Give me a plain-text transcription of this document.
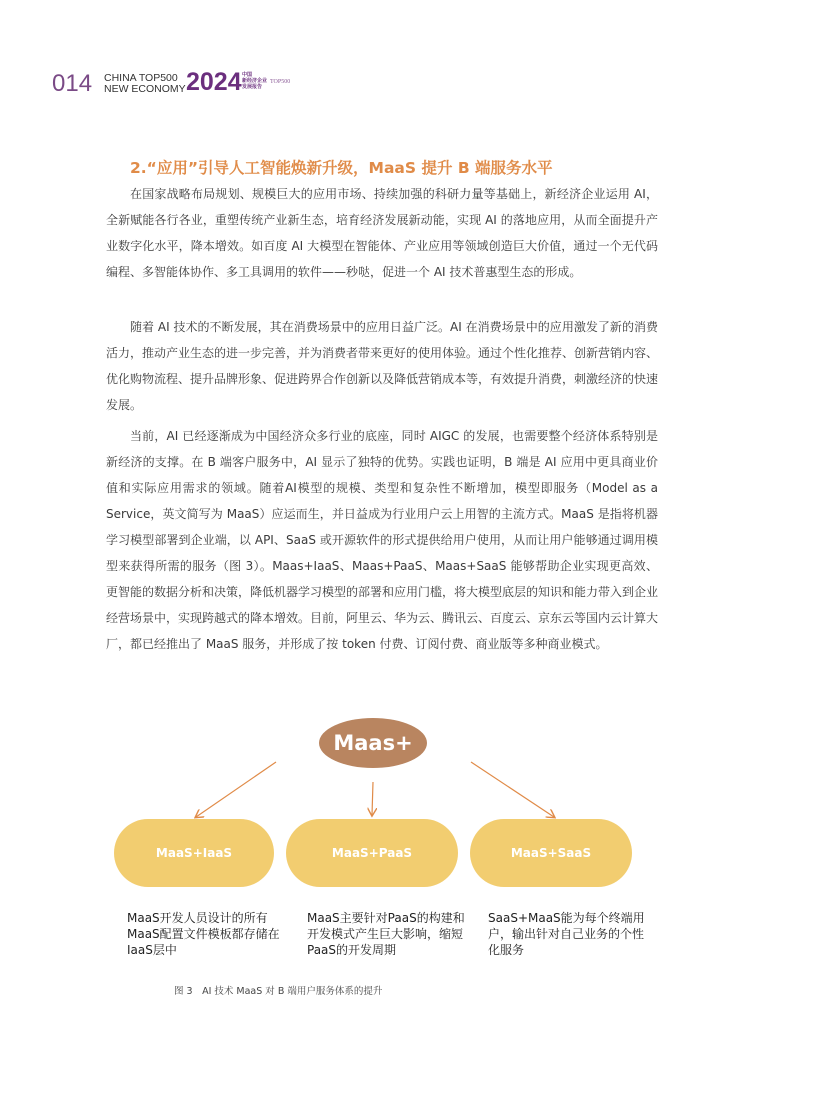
014 CHINA TOP500
NEW ECONOMY 2024 中国
新经济企业
发展报告
TOP500
2.“应用”引导人工智能焕新升级，MaaS 提升 B 端服务水平

在国家战略布局规划、规模巨大的应用市场、持续加强的科研力量等基础上，新经济企业运用 AI，全新赋能各行各业，重塑传统产业新生态，培育经济发展新动能，实现 AI 的落地应用，从而全面提升产业数字化水平，降本增效。如百度 AI 大模型在智能体、产业应用等领域创造巨大价值，通过一个无代码编程、多智能体协作、多工具调用的软件——秒哒，促进一个 AI 技术普惠型生态的形成。

随着 AI 技术的不断发展，其在消费场景中的应用日益广泛。AI 在消费场景中的应用激发了新的消费活力，推动产业生态的进一步完善，并为消费者带来更好的使用体验。通过个性化推荐、创新营销内容、优化购物流程、提升品牌形象、促进跨界合作创新以及降低营销成本等，有效提升消费，刺激经济的快速发展。

当前，AI 已经逐渐成为中国经济众多行业的底座，同时 AIGC 的发展，也需要整个经济体系特别是新经济的支撑。在 B 端客户服务中，AI 显示了独特的优势。实践也证明，B 端是 AI 应用中更具商业价值和实际应用需求的领域。随着AI模型的规模、类型和复杂性不断增加，模型即服务（Model as a Service，英文简写为 MaaS）应运而生，并日益成为行业用户云上用智的主流方式。MaaS 是指将机器学习模型部署到企业端，以 API、SaaS 或开源软件的形式提供给用户使用，从而让用户能够通过调用模型来获得所需的服务（图 3）。Maas+IaaS、Maas+PaaS、Maas+SaaS 能够帮助企业实现更高效、更智能的数据分析和决策，降低机器学习模型的部署和应用门槛，将大模型底层的知识和能力带入到企业经营场景中，实现跨越式的降本增效。目前，阿里云、华为云、腾讯云、百度云、京东云等国内云计算大厂，都已经推出了 MaaS 服务，并形成了按 token 付费、订阅付费、商业版等多种商业模式。

Maas+
MaaS+IaaS	MaaS+PaaS	MaaS+SaaS

MaaS开发人员设计的所有MaaS配置文件模板都存储在IaaS层中

MaaS主要针对PaaS的构建和开发模式产生巨大影响，缩短PaaS的开发周期

SaaS+MaaS能为每个终端用户，输出针对自己业务的个性化服务

图 3　AI 技术 MaaS 对 B 端用户服务体系的提升
